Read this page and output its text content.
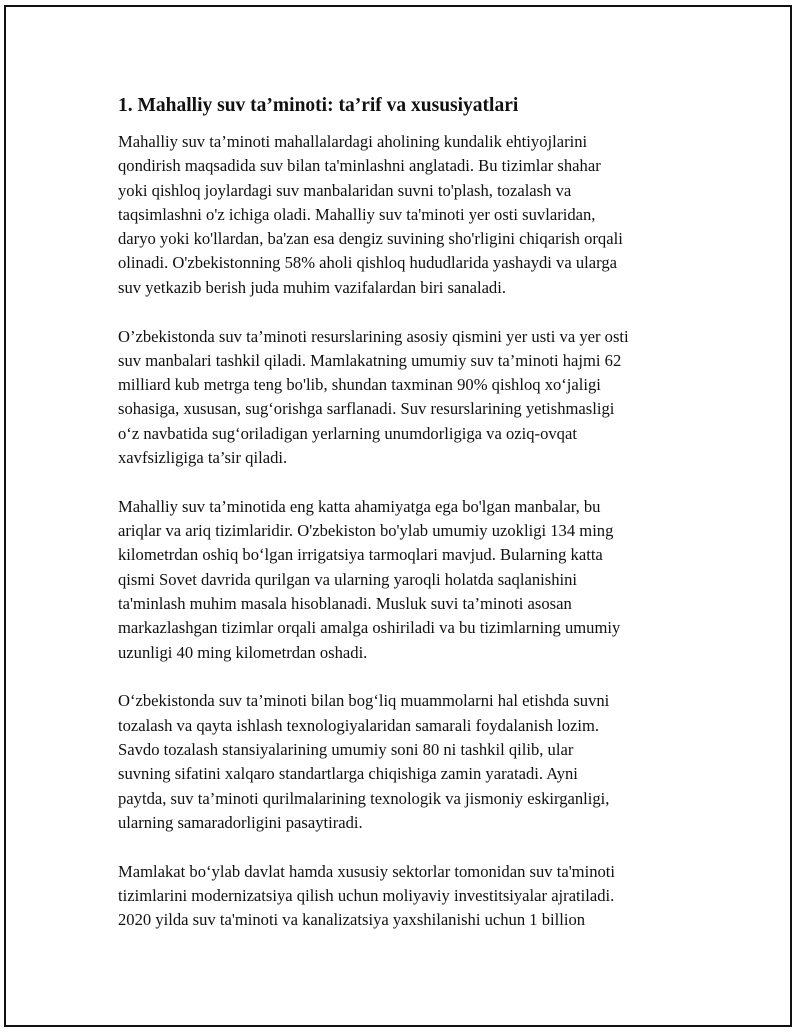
1. Mahalliy suv ta’minoti: ta’rif va xususiyatlari

Mahalliy suv ta’minoti mahallalardagi aholining kundalik ehtiyojlarini
qondirish maqsadida suv bilan ta'minlashni anglatadi. Bu tizimlar shahar
yoki qishloq joylardagi suv manbalaridan suvni to'plash, tozalash va
taqsimlashni o'z ichiga oladi. Mahalliy suv ta'minoti yer osti suvlaridan,
daryo yoki ko'llardan, ba'zan esa dengiz suvining sho'rligini chiqarish orqali
olinadi. O'zbekistonning 58% aholi qishloq hududlarida yashaydi va ularga
suv yetkazib berish juda muhim vazifalardan biri sanaladi.

O’zbekistonda suv ta’minoti resurslarining asosiy qismini yer usti va yer osti
suv manbalari tashkil qiladi. Mamlakatning umumiy suv ta’minoti hajmi 62
milliard kub metrga teng bo'lib, shundan taxminan 90% qishloq xo‘jaligi
sohasiga, xususan, sug‘orishga sarflanadi. Suv resurslarining yetishmasligi
o‘z navbatida sug‘oriladigan yerlarning unumdorligiga va oziq-ovqat
xavfsizligiga ta’sir qiladi.

Mahalliy suv ta’minotida eng katta ahamiyatga ega bo'lgan manbalar, bu
ariqlar va ariq tizimlaridir. O'zbekiston bo'ylab umumiy uzokligi 134 ming
kilometrdan oshiq bo‘lgan irrigatsiya tarmoqlari mavjud. Bularning katta
qismi Sovet davrida qurilgan va ularning yaroqli holatda saqlanishini
ta'minlash muhim masala hisoblanadi. Musluk suvi ta’minoti asosan
markazlashgan tizimlar orqali amalga oshiriladi va bu tizimlarning umumiy
uzunligi 40 ming kilometrdan oshadi.

O‘zbekistonda suv ta’minoti bilan bog‘liq muammolarni hal etishda suvni
tozalash va qayta ishlash texnologiyalaridan samarali foydalanish lozim.
Savdo tozalash stansiyalarining umumiy soni 80 ni tashkil qilib, ular
suvning sifatini xalqaro standartlarga chiqishiga zamin yaratadi. Ayni
paytda, suv ta’minoti qurilmalarining texnologik va jismoniy eskirganligi,
ularning samaradorligini pasaytiradi.

Mamlakat bo‘ylab davlat hamda xususiy sektorlar tomonidan suv ta'minoti
tizimlarini modernizatsiya qilish uchun moliyaviy investitsiyalar ajratiladi.
2020 yilda suv ta'minoti va kanalizatsiya yaxshilanishi uchun 1 billion
